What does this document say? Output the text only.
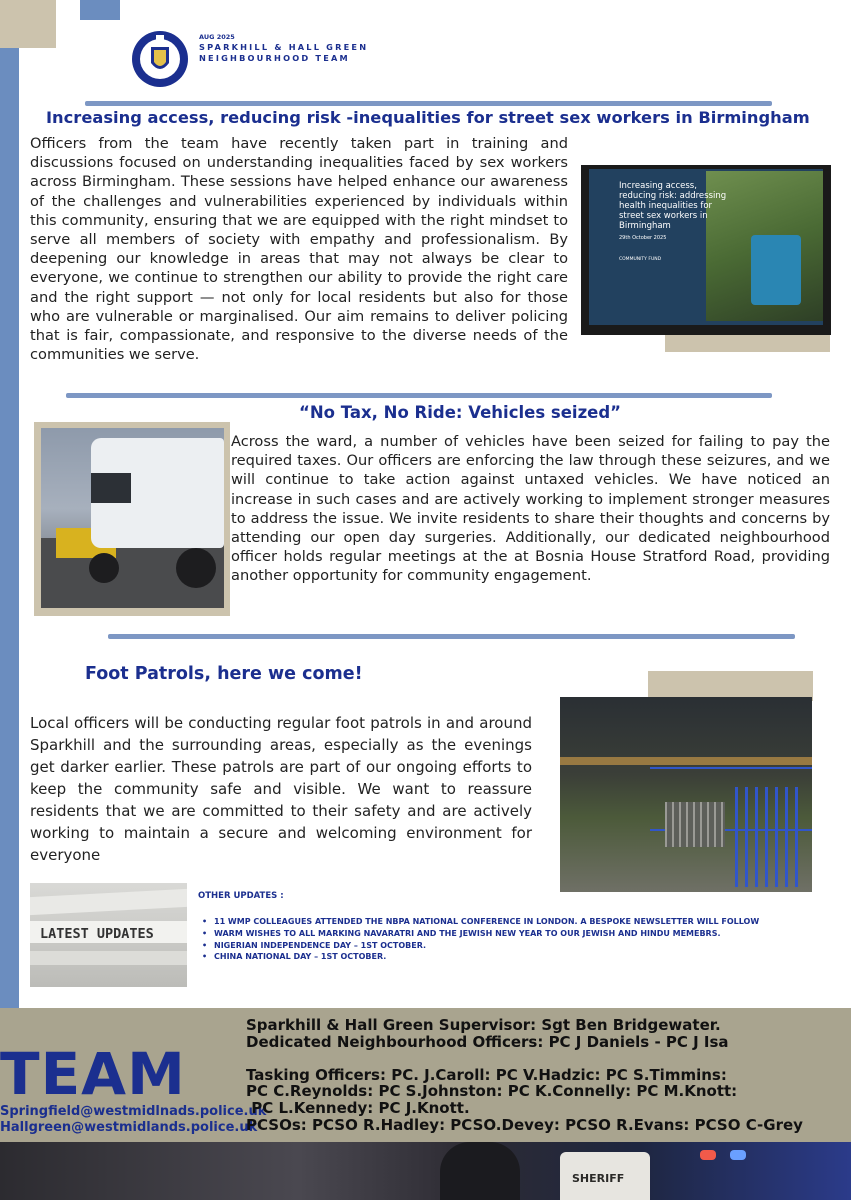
AUG 2025
SPARKHILL & HALL GREEN
NEIGHBOURHOOD TEAM
Increasing access, reducing risk -inequalities for street sex workers in Birmingham
Officers from the team have recently taken part in training and discussions focused on understanding inequalities faced by sex workers across Birmingham. These sessions have helped enhance our awareness of the challenges and vulnerabilities experienced by individuals within this community, ensuring that we are equipped with the right mindset to serve all members of society with empathy and professionalism. By deepening our knowledge in areas that may not always be clear to everyone, we continue to strengthen our ability to provide the right care and the right support — not only for local residents but also for those who are vulnerable or marginalised. Our aim remains to deliver policing that is fair, compassionate, and responsive to the diverse needs of the communities we serve.
Increasing access, reducing risk: addressing health inequalities for street sex workers in Birmingham
29th October 2025
COMMUNITY FUND
“No Tax, No Ride: Vehicles seized”
Across the ward, a number of vehicles have been seized for failing to pay the required taxes. Our officers are enforcing the law through these seizures, and we will continue to take action against untaxed vehicles. We have noticed an increase in such cases and are actively working to implement stronger measures to address the issue. We invite residents to share their thoughts and concerns by attending our open day surgeries. Additionally, our dedicated neighbourhood officer holds regular meetings at the at Bosnia House Stratford Road, providing another opportunity for community engagement.
Foot Patrols, here we come!
Local officers will be conducting regular foot patrols in and around Sparkhill and the surrounding areas, especially as the evenings get darker earlier. These patrols are part of our ongoing efforts to keep the community safe and visible. We want to reassure residents that we are committed to their safety and are actively working to maintain a secure and welcoming environment for everyone
LATEST UPDATES
OTHER UPDATES :
• 11 WMP COLLEAGUES ATTENDED THE NBPA NATIONAL CONFERENCE IN LONDON. A BESPOKE NEWSLETTER WILL FOLLOW
• WARM WISHES TO ALL MARKING NAVARATRI AND THE JEWISH NEW YEAR TO OUR JEWISH AND HINDU MEMEBRS.
• NIGERIAN INDEPENDENCE DAY – 1ST OCTOBER.
• CHINA NATIONAL DAY – 1ST OCTOBER.
SHERIFF
TEAM
Springfield@westmidlnads.police.uk
Hallgreen@westmidlands.police.uk
Sparkhill & Hall Green Supervisor: Sgt Ben Bridgewater.
Dedicated Neighbourhood Officers: PC J Daniels - PC J Isa
Tasking Officers: PC. J.Caroll: PC V.Hadzic: PC S.Timmins:
PC C.Reynolds: PC S.Johnston: PC K.Connelly: PC M.Knott:
PC L.Kennedy: PC J.Knott.
PCSOs: PCSO R.Hadley: PCSO.Devey: PCSO R.Evans: PCSO C-Grey
